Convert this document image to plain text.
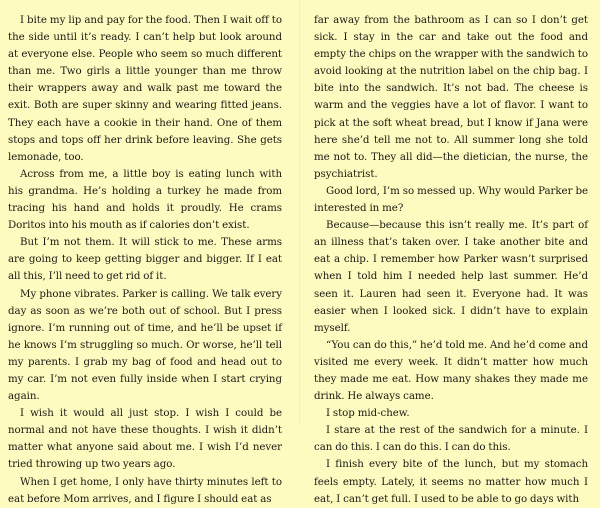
I bite my lip and pay for the food. Then I wait off to the side until it’s ready. I can’t help but look around at everyone else. People who seem so much different than me. Two girls a little younger than me throw their wrappers away and walk past me toward the exit. Both are super skinny and wearing fitted jeans. They each have a cookie in their hand. One of them stops and tops off her drink before leaving. She gets lemonade, too.

Across from me, a little boy is eating lunch with his grandma. He’s holding a turkey he made from tracing his hand and holds it proudly. He crams Doritos into his mouth as if calories don’t exist.

But I’m not them. It will stick to me. These arms are going to keep getting bigger and bigger. If I eat all this, I’ll need to get rid of it.

My phone vibrates. Parker is calling. We talk every day as soon as we’re both out of school. But I press ignore. I’m running out of time, and he’ll be upset if he knows I’m struggling so much. Or worse, he’ll tell my parents. I grab my bag of food and head out to my car. I’m not even fully inside when I start crying again.

I wish it would all just stop. I wish I could be normal and not have these thoughts. I wish it didn’t matter what anyone said about me. I wish I’d never tried throwing up two years ago.

When I get home, I only have thirty minutes left to eat before Mom arrives, and I figure I should eat as

far away from the bathroom as I can so I don’t get sick. I stay in the car and take out the food and empty the chips on the wrapper with the sandwich to avoid looking at the nutrition label on the chip bag. I bite into the sandwich. It’s not bad. The cheese is warm and the veggies have a lot of flavor. I want to pick at the soft wheat bread, but I know if Jana were here she’d tell me not to. All summer long she told me not to. They all did—the dietician, the nurse, the psychiatrist.

Good lord, I’m so messed up. Why would Parker be interested in me?

Because—because this isn’t really me. It’s part of an illness that’s taken over. I take another bite and eat a chip. I remember how Parker wasn’t surprised when I told him I needed help last summer. He’d seen it. Lauren had seen it. Everyone had. It was easier when I looked sick. I didn’t have to explain myself.

“You can do this,” he’d told me. And he’d come and visited me every week. It didn’t matter how much they made me eat. How many shakes they made me drink. He always came.

I stop mid-chew.

I stare at the rest of the sandwich for a minute. I can do this. I can do this. I can do this.

I finish every bite of the lunch, but my stomach feels empty. Lately, it seems no matter how much I eat, I can’t get full. I used to be able to go days with
